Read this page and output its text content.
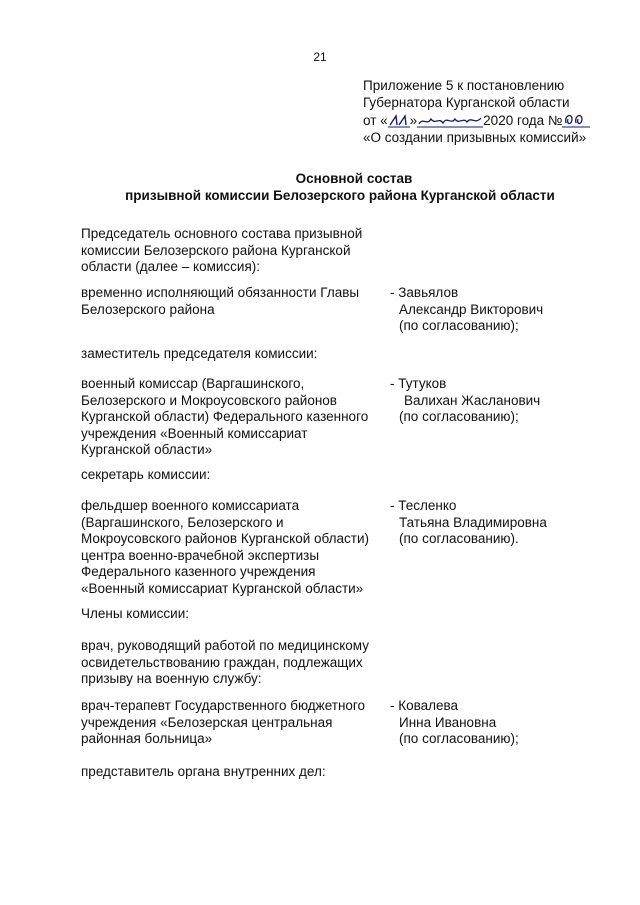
21
Приложение 5 к постановлению
Губернатора Курганской области
от « »	2020 года №
«О создании призывных комиссий»
Основной состав
призывной комиссии Белозерского района Курганской области
Председатель основного состава призывной
комиссии Белозерского района Курганской
области (далее – комиссия):
временно исполняющий обязанности Главы
Белозерского района
- Завьялов
Александр Викторович
(по согласованию);
заместитель председателя комиссии:
военный комиссар (Варгашинского,
Белозерского и Мокроусовского районов
Курганской области) Федерального казенного
учреждения «Военный комиссариат
Курганской области»
- Тутуков
Валихан Жасланович
(по согласованию);
секретарь комиссии:
фельдшер военного комиссариата
(Варгашинского, Белозерского и
Мокроусовского районов Курганской области)
центра военно-врачебной экспертизы
Федерального казенного учреждения
«Военный комиссариат Курганской области»
- Тесленко
Татьяна Владимировна
(по согласованию).
Члены комиссии:
врач, руководящий работой по медицинскому
освидетельствованию граждан, подлежащих
призыву на военную службу:
врач-терапевт Государственного бюджетного
учреждения «Белозерская центральная
районная больница»
- Ковалева
Инна Ивановна
(по согласованию);
представитель органа внутренних дел:
